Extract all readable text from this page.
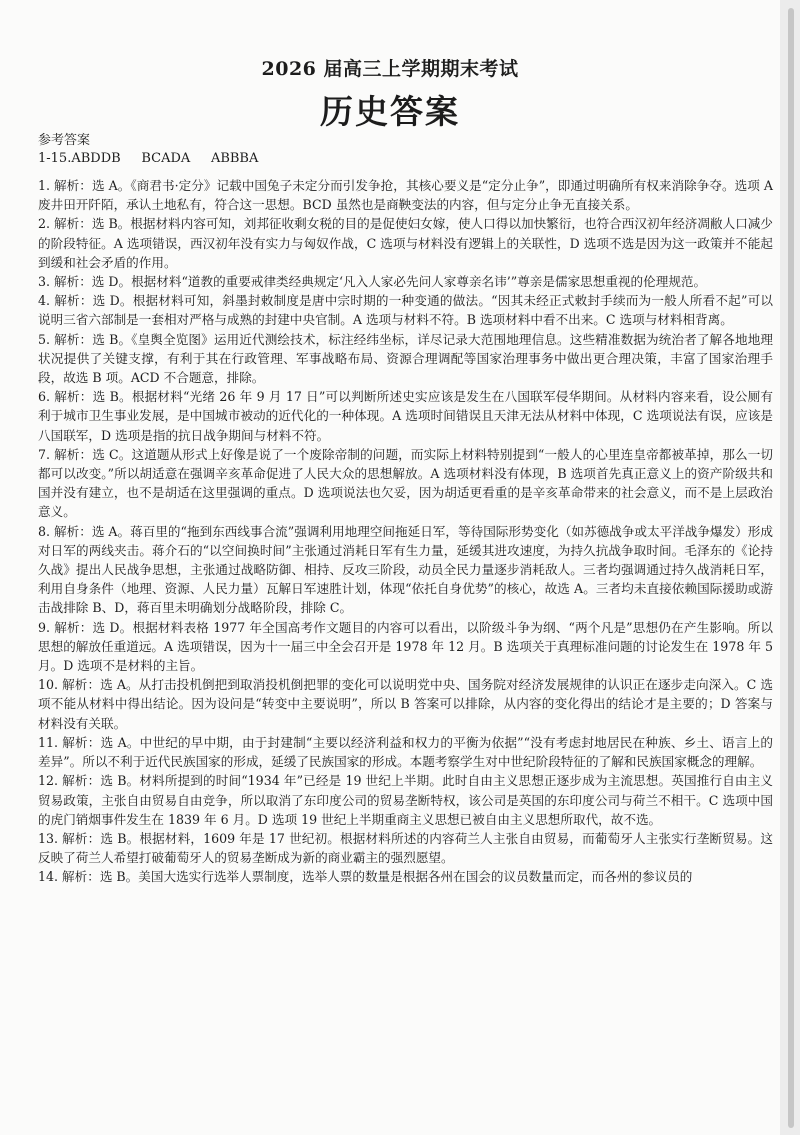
2026 届高三上学期期末考试
历史答案
参考答案
1-15.ABDDB     BCADA     ABBBA

1. 解析：选 A。《商君书·定分》记载中国兔子未定分而引发争抢，其核心要义是“定分止争”，即通过明确所有权来消除争夺。选项 A 废井田开阡陌，承认土地私有，符合这一思想。BCD 虽然也是商鞅变法的内容，但与定分止争无直接关系。

2. 解析：选 B。根据材料内容可知，刘邦征收剩女税的目的是促使妇女嫁，使人口得以加快繁衍，也符合西汉初年经济凋敝人口减少的阶段特征。A 选项错误，西汉初年没有实力与匈奴作战，C 选项与材料没有逻辑上的关联性，D 选项不选是因为这一政策并不能起到缓和社会矛盾的作用。

3. 解析：选 D。根据材料“道教的重要戒律类经典规定‘凡入人家必先问人家尊亲名讳’”尊亲是儒家思想重视的伦理规范。

4. 解析：选 D。根据材料可知，斜墨封敕制度是唐中宗时期的一种变通的做法。“因其未经正式敕封手续而为一般人所看不起”可以说明三省六部制是一套相对严格与成熟的封建中央官制。A 选项与材料不符。B 选项材料中看不出来。C 选项与材料相背离。

5. 解析：选 B。《皇舆全览图》运用近代测绘技术，标注经纬坐标，详尽记录大范围地理信息。这些精准数据为统治者了解各地地理状况提供了关键支撑，有利于其在行政管理、军事战略布局、资源合理调配等国家治理事务中做出更合理决策，丰富了国家治理手段，故选 B 项。ACD 不合题意，排除。

6. 解析：选 B。根据材料“光绪 26 年 9 月 17 日”可以判断所述史实应该是发生在八国联军侵华期间。从材料内容来看，设公厕有利于城市卫生事业发展，是中国城市被动的近代化的一种体现。A 选项时间错误且天津无法从材料中体现，C 选项说法有误，应该是八国联军，D 选项是指的抗日战争期间与材料不符。

7. 解析：选 C。这道题从形式上好像是说了一个废除帝制的问题，而实际上材料特别提到“一般人的心里连皇帝都被革掉，那么一切都可以改变。”所以胡适意在强调辛亥革命促进了人民大众的思想解放。A 选项材料没有体现，B 选项首先真正意义上的资产阶级共和国并没有建立，也不是胡适在这里强调的重点。D 选项说法也欠妥，因为胡适更看重的是辛亥革命带来的社会意义，而不是上层政治意义。

8. 解析：选 A。蒋百里的“拖到东西线事合流”强调利用地理空间拖延日军，等待国际形势变化（如苏德战争或太平洋战争爆发）形成对日军的两线夹击。蒋介石的“以空间换时间”主张通过消耗日军有生力量，延缓其进攻速度，为持久抗战争取时间。毛泽东的《论持久战》提出人民战争思想，主张通过战略防御、相持、反攻三阶段，动员全民力量逐步消耗敌人。三者均强调通过持久战消耗日军，利用自身条件（地理、资源、人民力量）瓦解日军速胜计划，体现“依托自身优势”的核心，故选 A。三者均未直接依赖国际援助或游击战排除 B、D，蒋百里未明确划分战略阶段，排除 C。

9. 解析：选 D。根据材料表格 1977 年全国高考作文题目的内容可以看出，以阶级斗争为纲、“两个凡是”思想仍在产生影响。所以思想的解放任重道远。A 选项错误，因为十一届三中全会召开是 1978 年 12 月。B 选项关于真理标准问题的讨论发生在 1978 年 5 月。D 选项不是材料的主旨。

10. 解析：选 A。从打击投机倒把到取消投机倒把罪的变化可以说明党中央、国务院对经济发展规律的认识正在逐步走向深入。C 选项不能从材料中得出结论。因为设问是“转变中主要说明”，所以 B 答案可以排除，从内容的变化得出的结论才是主要的；D 答案与材料没有关联。

11. 解析：选 A。中世纪的早中期，由于封建制“主要以经济利益和权力的平衡为依据”“没有考虑封地居民在种族、乡土、语言上的差异”。所以不利于近代民族国家的形成，延缓了民族国家的形成。本题考察学生对中世纪阶段特征的了解和民族国家概念的理解。

12. 解析：选 B。材料所提到的时间“1934 年”已经是 19 世纪上半期。此时自由主义思想正逐步成为主流思想。英国推行自由主义贸易政策，主张自由贸易自由竞争，所以取消了东印度公司的贸易垄断特权，该公司是英国的东印度公司与荷兰不相干。C 选项中国的虎门销烟事件发生在 1839 年 6 月。D 选项 19 世纪上半期重商主义思想已被自由主义思想所取代，故不选。

13. 解析：选 B。根据材料，1609 年是 17 世纪初。根据材料所述的内容荷兰人主张自由贸易，而葡萄牙人主张实行垄断贸易。这反映了荷兰人希望打破葡萄牙人的贸易垄断成为新的商业霸主的强烈愿望。

14. 解析：选 B。美国大选实行选举人票制度，选举人票的数量是根据各州在国会的议员数量而定，而各州的参议员的
